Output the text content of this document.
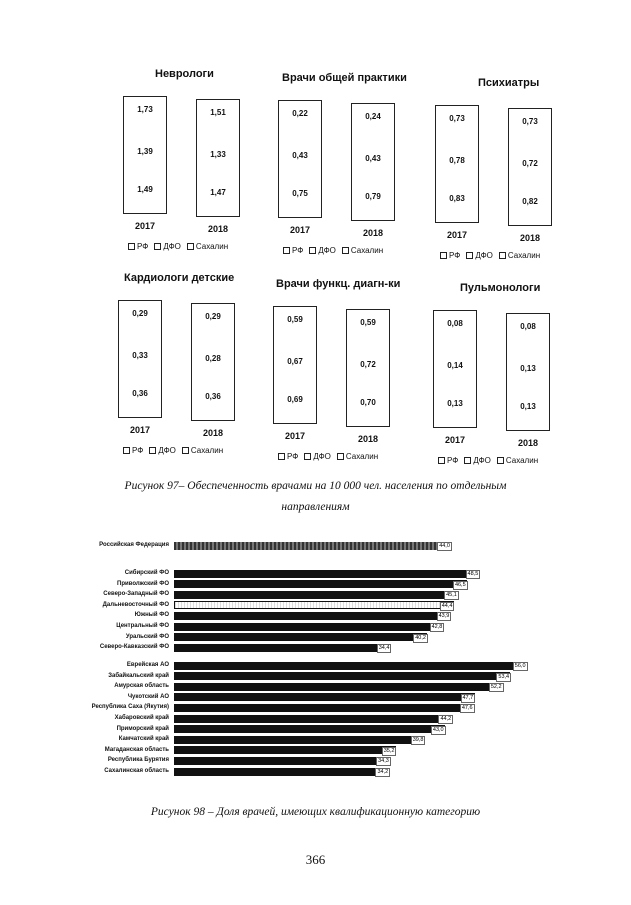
Неврологи
1,73
1,39
1,49
2017
1,51
1,33
1,47
2018
РФ ДФО Сахалин
Врачи общей практики
0,22
0,43
0,75
2017
0,24
0,43
0,79
2018
РФ ДФО Сахалин
Психиатры
0,73
0,78
0,83
2017
0,73
0,72
0,82
2018
РФ ДФО Сахалин
Кардиологи детские
0,29
0,33
0,36
2017
0,29
0,28
0,36
2018
РФ ДФО Сахалин
Врачи функц. диагн-ки
0,59
0,67
0,69
2017
0,59
0,72
0,70
2018
РФ ДФО Сахалин
Пульмонологи
0,08
0,14
0,13
2017
0,08
0,13
0,13
2018
РФ ДФО Сахалин
Рисунок 97– Обеспеченность врачами на 10 000 чел. населения по отдельным
направлениям
Российская Федерация	44,0
Сибирский ФО	48,5
Приволжский ФО	46,5
Северо-Западный ФО	45,1
Дальневосточный ФО	44,4
Южный ФО	43,9
Центральный ФО	42,8
Уральский ФО	40,2
Северо-Кавказский ФО	34,4
Еврейская АО	56,0
Забайкальский край	53,4
Амурская область	52,2
Чукотский АО	47,7
Республика Саха (Якутия)	47,6
Хабаровский край	44,2
Приморский край	43,0
Камчатский край	39,8
Магаданская область	35,2
Республика Бурятия	34,3
Сахалинская область	34,2
Рисунок 98 – Доля врачей, имеющих квалификационную категорию
366
